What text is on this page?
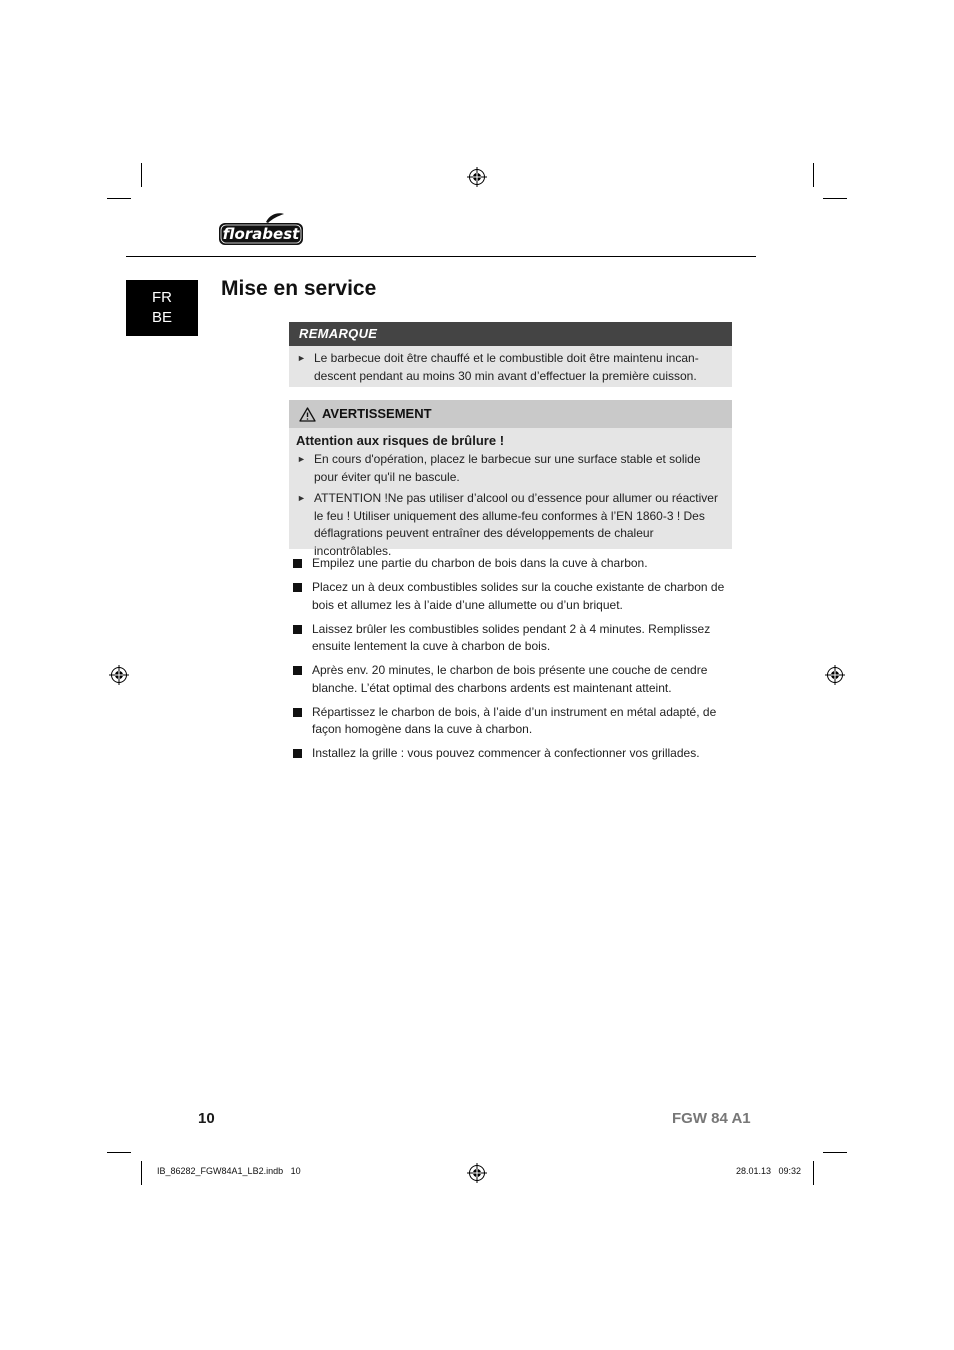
florabest
FR
BE
Mise en service
REMARQUE
► Le barbecue doit être chauffé et le combustible doit être maintenu incan-descent pendant au moins 30 min avant d’effectuer la première cuisson.
AVERTISSEMENT
Attention aux risques de brûlure !
► En cours d'opération, placez le barbecue sur une surface stable et solide pour éviter qu'il ne bascule.
► ATTENTION !Ne pas utiliser d’alcool ou d’essence pour allumer ou réactiver le feu ! Utiliser uniquement des allume-feu conformes à l’EN 1860-3 ! Des déflagrations peuvent entraîner des développements de chaleur incontrôlables.
Empilez une partie du charbon de bois dans la cuve à charbon.
Placez un à deux combustibles solides sur la couche existante de charbon de bois et allumez les à l’aide d’une allumette ou d’un briquet.
Laissez brûler les combustibles solides pendant 2 à 4 minutes. Remplissez ensuite lentement la cuve à charbon de bois.
Après env. 20 minutes, le charbon de bois présente une couche de cendre blanche. L’état optimal des charbons ardents est maintenant atteint.
Répartissez le charbon de bois, à l’aide d’un instrument en métal adapté, de façon homogène dans la cuve à charbon.
Installez la grille : vous pouvez commencer à confectionner vos grillades.
10	FGW 84 A1
IB_86282_FGW84A1_LB2.indb   10	28.01.13   09:32
